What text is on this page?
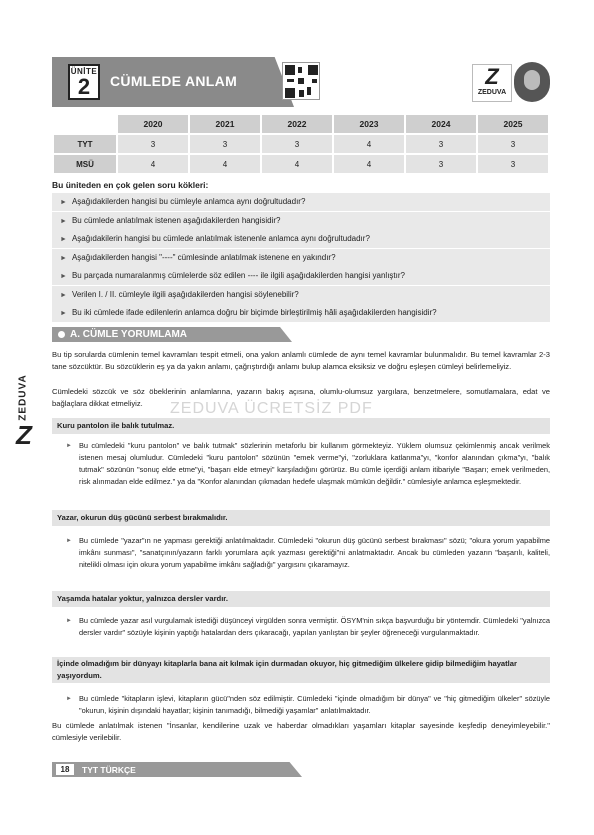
ÜNİTE
2	CÜMLEDE ANLAM	Z
ZEDUVA
	2020	2021	2022	2023	2024	2025
TYT	3	3	3	4	3	3
MSÜ	4	4	4	4	3	3
Bu üniteden en çok gelen soru kökleri:
► Aşağıdakilerden hangisi bu cümleyle anlamca aynı doğrultudadır?
► Bu cümlede anlatılmak istenen aşağıdakilerden hangisidir?
► Aşağıdakilerin hangisi bu cümlede anlatılmak istenenle anlamca aynı doğrultudadır?
► Aşağıdakilerden hangisi "----" cümlesinde anlatılmak istenene en yakındır?
► Bu parçada numaralanmış cümlelerde söz edilen ---- ile ilgili aşağıdakilerden hangisi yanlıştır?
► Verilen I. / II. cümleyle ilgili aşağıdakilerden hangisi söylenebilir?
► Bu iki cümlede ifade edilenlerin anlamca doğru bir biçimde birleştirilmiş hâli aşağıdakilerden hangisidir?
A. CÜMLE YORUMLAMA
ZEDUVA
Z
Bu tip sorularda cümlenin temel kavramları tespit etmeli, ona yakın anlamlı cümlede de aynı temel kavramlar bulunmalıdır. Bu temel kavramlar 2-3 tane sözcüktür. Bu sözcüklerin eş ya da yakın anlamı, çağrıştırdığı anlamı bulup alamca eksiksiz ve doğru eşleşen cümleyi belirlemeliyiz.
Cümledeki sözcük ve söz öbeklerinin anlamlarına, yazarın bakış açısına, olumlu-olumsuz yargılara, benzetmelere, somutlamalara, edat ve bağlaçlara dikkat etmeliyiz.	ZEDUVA ÜCRETSİZ PDF
Kuru pantolon ile balık tutulmaz.
► Bu cümledeki "kuru pantolon" ve balık tutmak" sözlerinin metaforlu bir kullanım görmekteyiz. Yüklem olumsuz çekimlenmiş ancak verilmek istenen mesaj olumludur. Cümledeki "kuru pantolon" sözünün "emek verme"yi, "zorluklara katlanma"yı, "konfor alanından çıkma"yı, "balık tutmak" sözünün "sonuç elde etme"yi, "başarı elde etmeyi" karşıladığını görürüz. Bu cümle içerdiği anlam itibariyle "Başarı; emek verilmeden, risk alınmadan elde edilmez." ya da "Konfor alanından çıkmadan hedefe ulaşmak mümkün değildir." cümlesiyle anlamca eşleşmektedir.
Yazar, okurun düş gücünü serbest bırakmalıdır.
► Bu cümlede "yazar"ın ne yapması gerektiği anlatılmaktadır. Cümledeki "okurun düş gücünü serbest bırakması" sözü; "okura yorum yapabilme imkânı sunması", "sanatçının/yazarın farklı yorumlara açık yazması gerektiği"ni anlatmaktadır. Ancak bu cümleden yazarın "başarılı, kaliteli, nitelikli olması için okura yorum yapabilme imkânı sağladığı" yargısını çıkaramayız.
Yaşamda hatalar yoktur, yalnızca dersler vardır.
► Bu cümlede yazar asıl vurgulamak istediği düşünceyi virgülden sonra vermiştir. ÖSYM'nin sıkça başvurduğu bir yöntemdir. Cümledeki "yalnızca dersler vardır" sözüyle kişinin yaptığı hatalardan ders çıkaracağı, yapılan yanlıştan bir şeyler öğreneceği vurgulanmaktadır.
İçinde olmadığım bir dünyayı kitaplarla bana ait kılmak için durmadan okuyor, hiç gitmediğim ülkelere gidip bilmediğim hayatlar yaşıyordum.
► Bu cümlede "kitapların işlevi, kitapların gücü"nden söz edilmiştir. Cümledeki "içinde olmadığım bir dünya" ve "hiç gitmediğim ülkeler" sözüyle "okurun, kişinin dışındaki hayatlar; kişinin tanımadığı, bilmediği yaşamlar" anlatılmaktadır.
Bu cümlede anlatılmak istenen "İnsanlar, kendilerine uzak ve haberdar olmadıkları yaşamları kitaplar sayesinde keşfedip deneyimleyebilir." cümlesiyle verilebilir.
18	TYT TÜRKÇE
